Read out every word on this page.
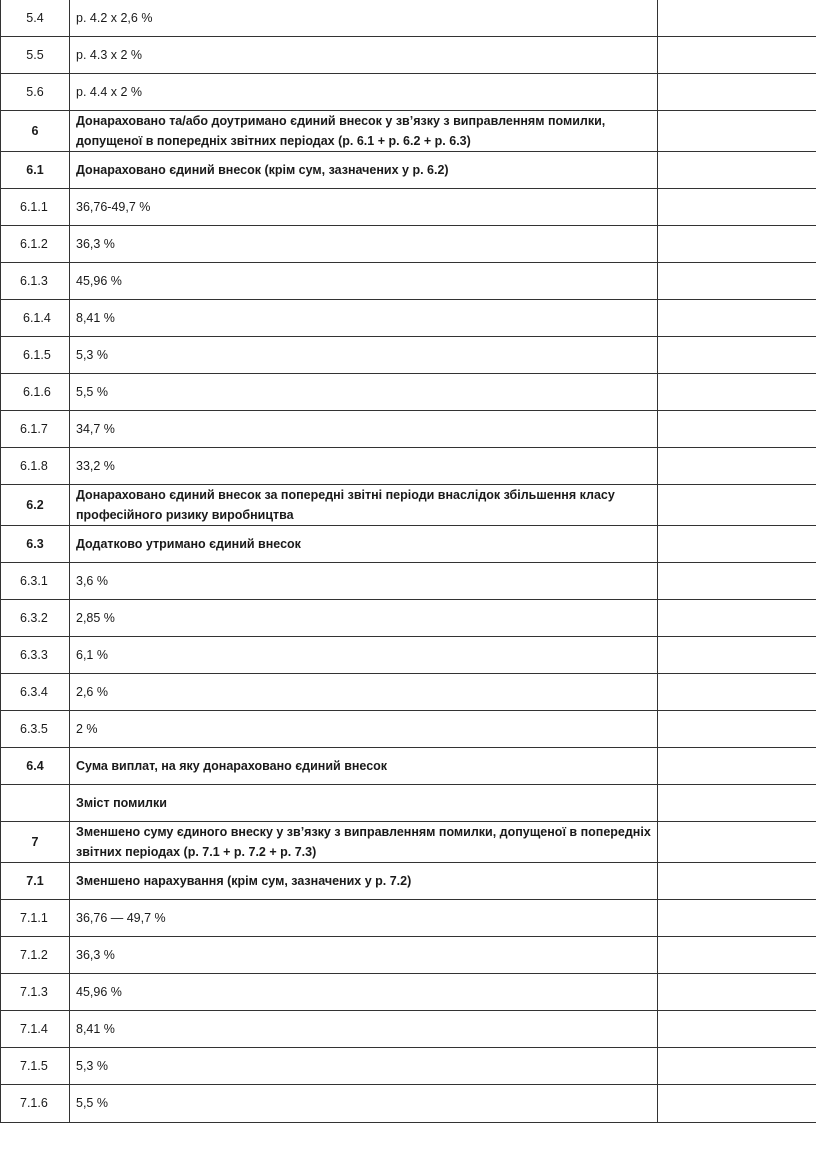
5.4	р. 4.2 х 2,6 %	
5.5	р. 4.3 х 2 %	
5.6	р. 4.4 х 2 %	
6	Донараховано та/або доутримано єдиний внесок у зв’язку з виправленням помилки, допущеної в попередніх звітних періодах (р. 6.1 + р. 6.2 + р. 6.3)	
6.1	Донараховано єдиний внесок (крім сум, зазначених у р. 6.2)	
6.1.1	36,76-49,7 %	
6.1.2	36,3 %	
6.1.3	45,96 %	
6.1.4	8,41 %	
6.1.5	5,3 %	
6.1.6	5,5 %	
6.1.7	34,7 %	
6.1.8	33,2 %	
6.2	Донараховано єдиний внесок за попередні звітні періоди внаслідок збільшення класу професійного ризику виробництва	
6.3	Додатково утримано єдиний внесок	
6.3.1	3,6 %	
6.3.2	2,85 %	
6.3.3	6,1 %	
6.3.4	2,6 %	
6.3.5	2 %	
6.4	Сума виплат, на яку донараховано єдиний внесок	
	Зміст помилки	
7	Зменшено суму єдиного внеску у зв’язку з виправленням помилки, допущеної в попередніх звітних періодах (р. 7.1 + р. 7.2 + р. 7.3)	
7.1	Зменшено нарахування (крім сум, зазначених у р. 7.2)	
7.1.1	36,76 — 49,7 %	
7.1.2	36,3 %	
7.1.3	45,96 %	
7.1.4	8,41 %	
7.1.5	5,3 %	
7.1.6	5,5 %	
